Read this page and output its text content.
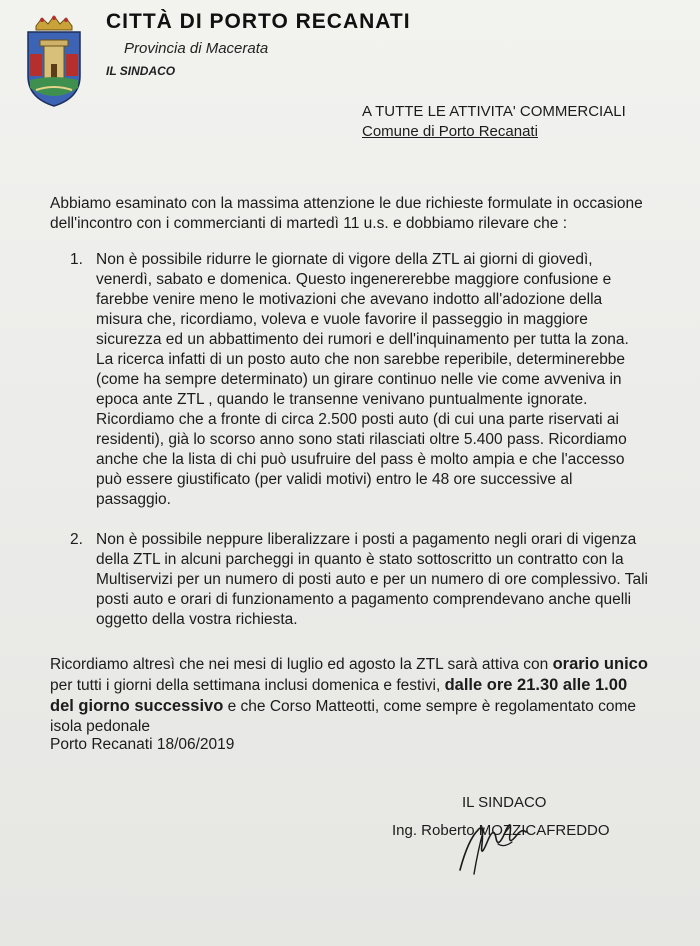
CITTÀ DI PORTO RECANATI
Provincia di Macerata
IL SINDACO
A TUTTE LE ATTIVITA' COMMERCIALI
Comune di Porto Recanati

Abbiamo esaminato con la massima attenzione le due richieste formulate in occasione dell'incontro con i commercianti di martedì 11 u.s. e dobbiamo rilevare che :

1. Non è possibile ridurre le giornate di vigore della ZTL ai giorni di giovedì, venerdì, sabato e domenica. Questo ingenererebbe maggiore confusione e farebbe venire meno le motivazioni che avevano indotto all'adozione della misura che, ricordiamo, voleva e vuole favorire il passeggio in maggiore sicurezza ed un abbattimento dei rumori e dell'inquinamento per tutta la zona. La ricerca infatti di un posto auto che non sarebbe reperibile, determinerebbe (come ha sempre determinato) un girare continuo nelle vie come avveniva in epoca ante ZTL , quando le transenne venivano puntualmente ignorate. Ricordiamo che a fronte di circa 2.500 posti auto (di cui una parte riservati ai residenti), già lo scorso anno sono stati rilasciati oltre 5.400 pass. Ricordiamo anche che la lista di chi può usufruire del pass è molto ampia e che l'accesso può essere giustificato (per validi motivi) entro le 48 ore successive al passaggio.
2. Non è possibile neppure liberalizzare i posti a pagamento negli orari di vigenza della ZTL in alcuni parcheggi in quanto è stato sottoscritto un contratto con la Multiservizi per un numero di posti auto e per un numero di ore complessivo. Tali posti auto e orari di funzionamento a pagamento comprendevano anche quelli oggetto della vostra richiesta.

Ricordiamo altresì che nei mesi di luglio ed agosto la ZTL sarà attiva con orario unico per tutti i giorni della settimana inclusi domenica e festivi, dalle ore 21.30 alle 1.00 del giorno successivo e che Corso Matteotti, come sempre è regolamentato come isola pedonale

Porto Recanati 18/06/2019
IL SINDACO
Ing. Roberto MOZZICAFREDDO
